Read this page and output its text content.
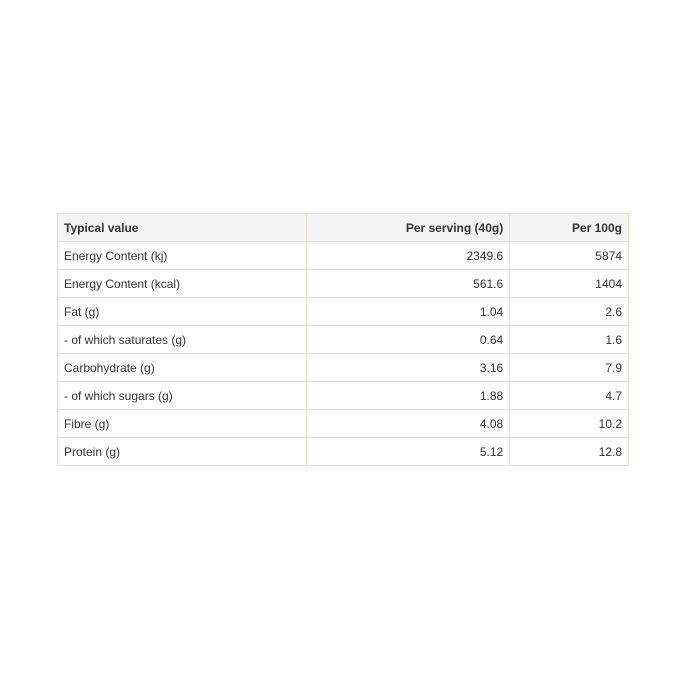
Typical value	Per serving (40g)	Per 100g
Energy Content (kj)	2349.6	5874
Energy Content (kcal)	561.6	1404
Fat (g)	1.04	2.6
- of which saturates (g)	0.64	1.6
Carbohydrate (g)	3.16	7.9
- of which sugars (g)	1.88	4.7
Fibre (g)	4.08	10.2
Protein (g)	5.12	12.8
